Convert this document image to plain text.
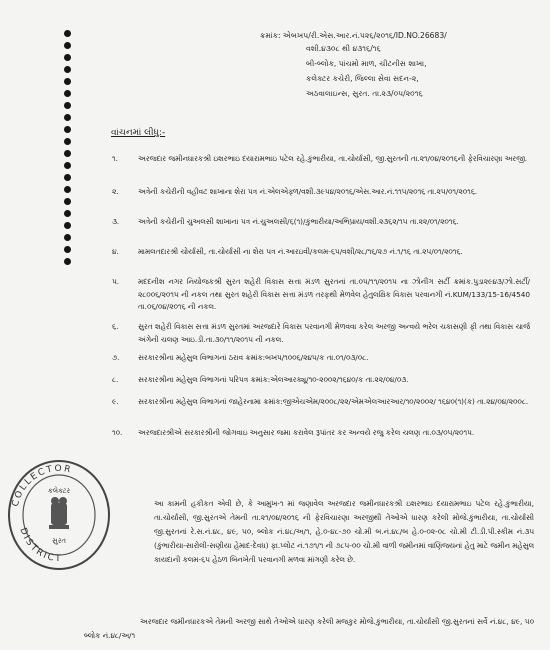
ક્રમાંક: એબખપ/રી.એસ.આર.નં.૫૨૬/૨૦૧૬/ID.NO.26683/
વશી.૪૩૦૮ થી ૪૩૧૬/૧૬
બી-બ્લોક, પાંચમો માળ, ચીટનીસ શાખા,
કલેક્ટર કચેરી, જિલ્લા સેવા સદન-૨,
અઠવાલાઇન્સ, સુરત. તા.૨૩/૦૫/૨૦૧૬
વાંચનમાં લીધુ:-
૧.	અરજદાર જમીનધારકશ્રી ઇશરભાઇ દયારામભાઇ પટેલ રહે.કુંભારીયા, તા.ચોર્યાસી, જી.સુરતની તા.૨૧/૦૪/૨૦૧૬ની ફેરવિચારણા અરજી.
૨.	અત્રેની કચેરીની વહીવટ શાખાના શેરા પત્ર નં.એલએફ્ળ/વશી.૩૯૫૪/૨૦૧૬/એસ.આર.નં.૧૧૫/૨૦૧૬ તા.૨૫/૦૧/૨૦૧૬.
૩.	અત્રેની કચેરીની ચુઅલસી શાખાના પત્ર નં.ચુઅલસી/૬(૧)/કુંભારીયા/અભિપ્રાય/વશી.૨૩૬૨/૧૫ તા.૨૨/૦૧/૨૦૧૬.
૪.	મામલતદારશ્રી ચોર્યાસી, તા.ચોર્યાસી ના શેરા પત્ર નં.આરઇવી/કલમ-૬૫/વશી/૨૮/૧૬/૨૭ નં.૧/૧૬ તા.૨૫/૦૧/૨૦૧૬.
૫.	મદદનીશ નગર નિયોજકશ્રી સુરત શહેરી વિકાસ સત્તા મંડળ સુરતનાં તા.૦૫/૧૧/૨૦૧૫ ના ઝોનીંગ સર્ટી ક્રમાંક.પુડા૨૯૪૩/ઝો.સર્ટી/૨૮૦૦૬/૨૦૧૫ ની નકલ તથા સુરત શહેરી વિકાસ સત્તા મંડળ તરફથી મેળવેલ હેતુલક્ષિક વિકાસ પરવાનગી નં.KUM/133/15-16/4540 તા.૦૬/૦૪/૨૦૧૬ ની નકલ.
૬.	સુરત શહેરી વિકાસ સત્તા મંડળ સુરતમાં અરજદારે વિકાસ પરવાનગી મેળવવા કરેલ અરજી અન્વયે ભરેલ ચકાસણી ફી તથા વિકાસ ચાર્જ અંગેની ચલણ આઇ.ડી.તા.૩૦/૧૧/૨૦૧૫ ની નકલ.
૭.	સરકારશ્રીના મહેસુલ વિભાગનાં ઠરાવ ક્રમાંક:બખપ/૧૦૦૬/૨૪૫/ક તા.૦૧/૦૩/૦૮.
૮.	સરકારશ્રીના મહેસુલ વિભાગનાં પરિપત્ર ક્રમાંક:એલઆરક્યૂ/૧૦-૨૦૦૨/૧૬૪૦/ક તા.૨૨/૦૪/૦૩.
૯.	સરકારશ્રીના મહેસુલ વિભાગનાં જાહેરનામા ક્રમાંક:જીએચએમ/૨૦૦૮/૨૨/એમએલઆરઆર/૧૦/૨૦૦૨/ ૧૬૪૦(૧)(ક) તા.૨૪/૦૪/૨૦૦૮.
૧૦.	અરજદારશ્રીએ સરકારશ્રીની જોગવાઇ અનુસાર જમા કરાવેલ રૂપાંતર કર અન્વયે રજુ કરેલ ચલણ તા.૦૩/૦૫/૨૦૧૫.
COLLECTOR
DISTRICT
કલેક્ટર
સુરત
આ કામની હકીકત એવી છે, કે આમુખ-૧ માં જણાવેલ અરજદાર જમીનધારકશ્રી ઇશરભાઇ દયારામભાઇ પટેલ રહે.કુંભારીયા, તા.ચોર્યાસી, જી.સુરતએ તેમની તા.૨૧/૦૪/૨૦૧૬ ની ફેરવિચારણા અરજીથી તેઓએ ધારણ કરેલી મોજે.કુંભારીયા, તા.ચોર્યાસી જી.સુરતનાં રે.સ.નં.૪૮, ૪૯, ૫૦, બ્લોક નં.૪૮/અ/૧, હે.૦-૪૮-૭૦ ચો.મી બ.નં.૪૮/બ હે.૦-૦૨-૦૮ ચો.મી ટી.ડી.પી.સ્કીમ નં.૩૫ (કુંભારીયા-સારોલી-સણીયા હેમાદ-દેવધ) ફા.પ્લોટ નં.૧૭૧/૧ ની ૭૮૫-૦૦ ચો.મી વાળી જમીનમાં વાણિજયનાં હેતુ માટે જમીન મહેસુલ કાયદાની કલમ-૬૫ હેઠળ બિનખેતી પરવાનગી મળવા માંગણી કરેલ છે.
અરજદાર જમીનધારકએ તેમની અરજી સાથે તેઓએ ધારણ કરેલી મજકુર મોજે.કુંભારીયા, તા.ચોર્યાસી જી.સુરતનાં સર્વે નં.૪૮, ૪૯, ૫૦ બ્લોક નં.૪૮/અ/૧
